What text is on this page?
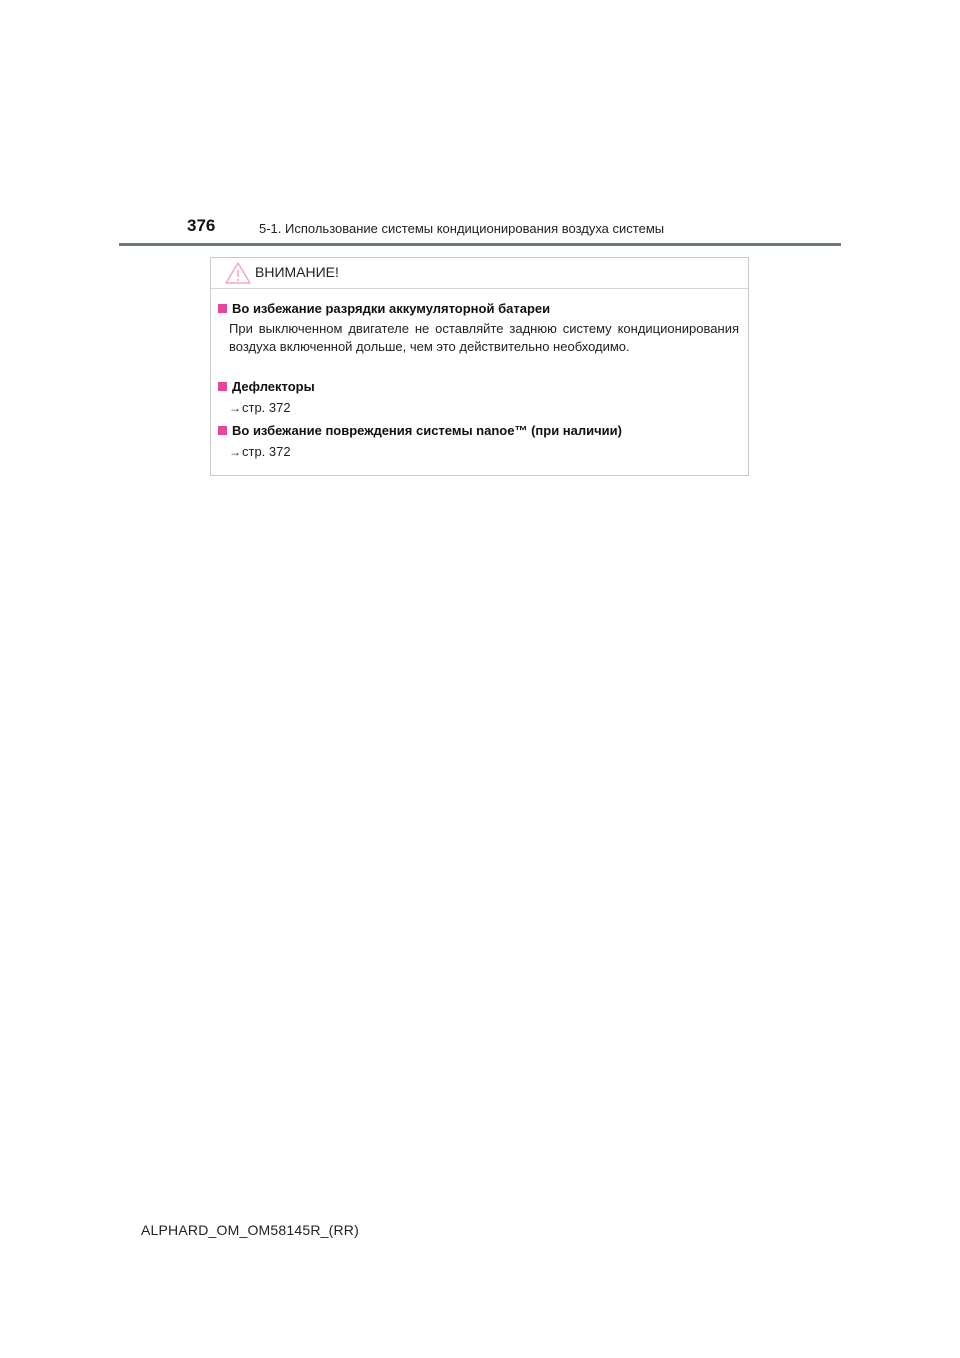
376	5-1. Использование системы кондиционирования воздуха системы
ВНИМАНИЕ!
Во избежание разрядки аккумуляторной батареи
При выключенном двигателе не оставляйте заднюю систему кондиционирования воздуха включенной дольше, чем это действительно необходимо.
Дефлекторы
→стр. 372
Во избежание повреждения системы nanoe™ (при наличии)
→стр. 372
ALPHARD_OM_OM58145R_(RR)
